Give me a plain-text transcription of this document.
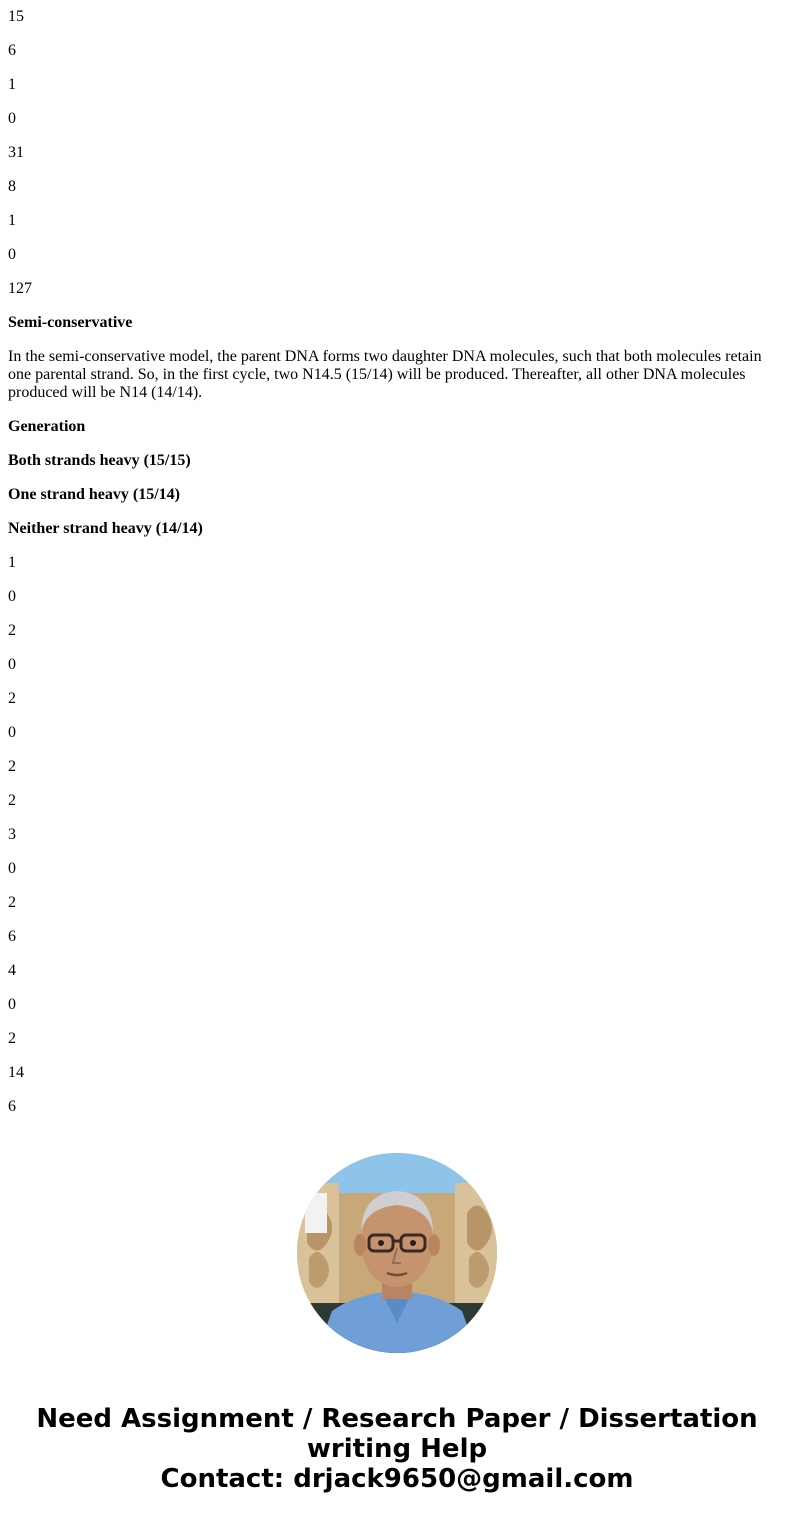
15

6

1

0

31

8

1

0

127

Semi-conservative

In the semi-conservative model, the parent DNA forms two daughter DNA molecules, such that both molecules retain one parental strand. So, in the first cycle, two N14.5 (15/14) will be produced. Thereafter, all other DNA molecules produced will be N14 (14/14).

Generation

Both strands heavy (15/15)

One strand heavy (15/14)

Neither strand heavy (14/14)

1

0

2

0

2

0

2

2

3

0

2

6

4

0

2

14

6

Need Assignment / Research Paper / Dissertation
writing Help
Contact: drjack9650@gmail.com
